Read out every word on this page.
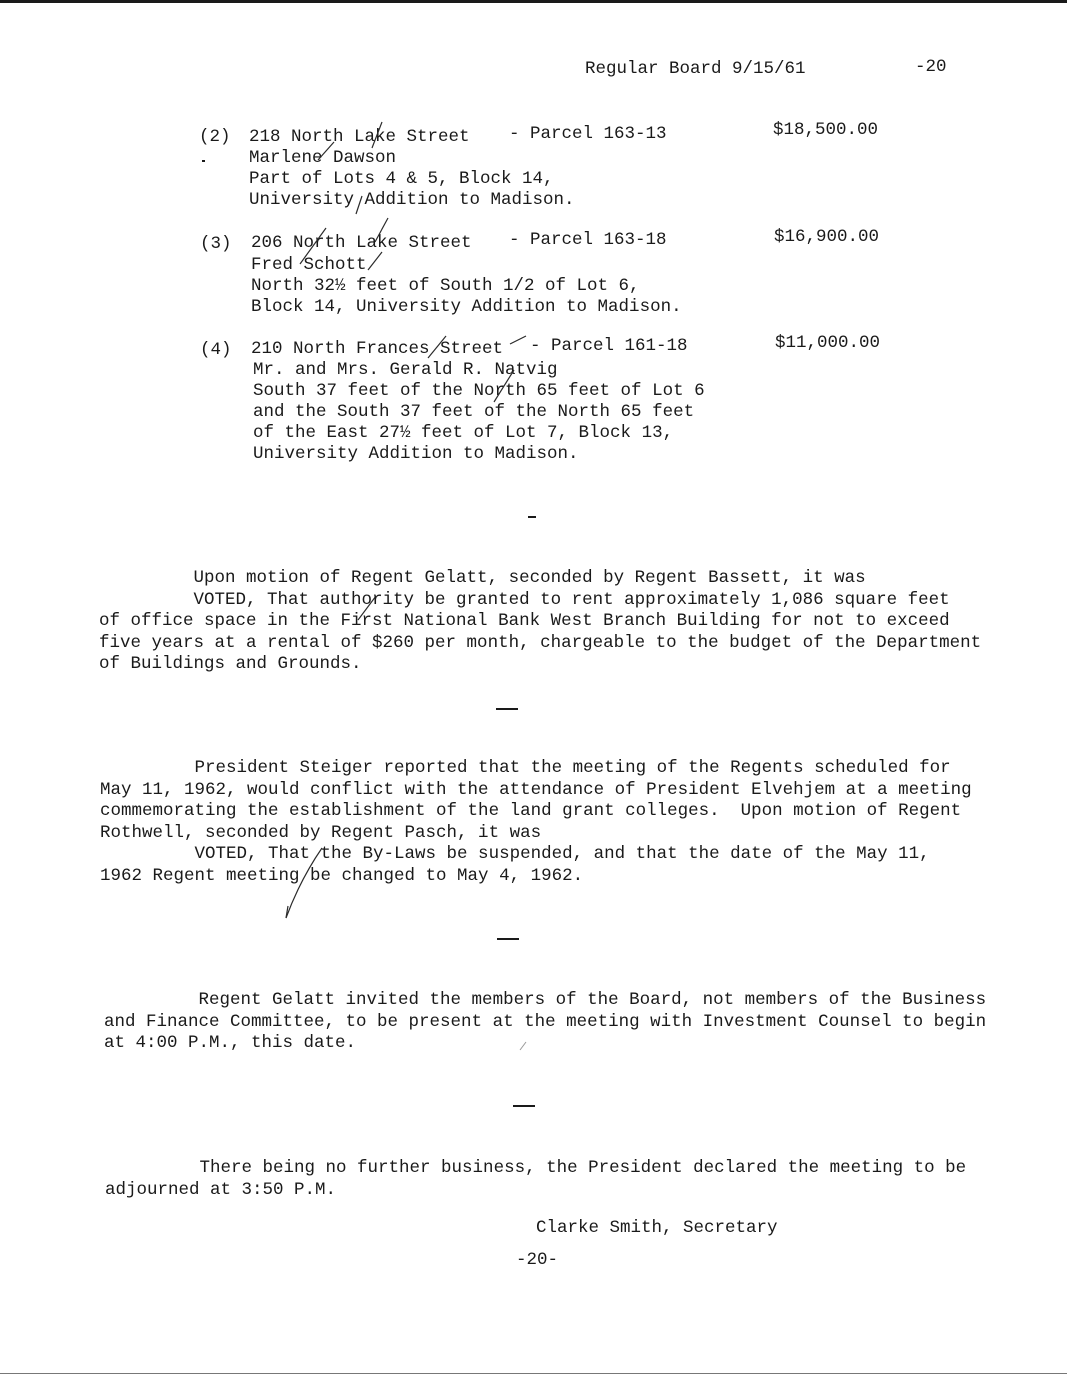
Regular Board 9/15/61	-20
(2) 218 North Lake Street - Parcel 163-13	$18,500.00
Marlene Dawson
Part of Lots 4 & 5, Block 14,
University Addition to Madison.
(3) 206 North Lake Street - Parcel 163-18	$16,900.00
Fred Schott
North 32½ feet of South 1/2 of Lot 6,
Block 14, University Addition to Madison.
(4) 210 North Frances Street - Parcel 161-18	$11,000.00
Mr. and Mrs. Gerald R. Natvig
South 37 feet of the North 65 feet of Lot 6
and the South 37 feet of the North 65 feet
of the East 27½ feet of Lot 7, Block 13,
University Addition to Madison.
Upon motion of Regent Gelatt, seconded by Regent Bassett, it was
VOTED, That authority be granted to rent approximately 1,086 square feet
of office space in the First National Bank West Branch Building for not to exceed
five years at a rental of $260 per month, chargeable to the budget of the Department
of Buildings and Grounds.
President Steiger reported that the meeting of the Regents scheduled for
May 11, 1962, would conflict with the attendance of President Elvehjem at a meeting
commemorating the establishment of the land grant colleges.  Upon motion of Regent
Rothwell, seconded by Regent Pasch, it was
VOTED, That the By-Laws be suspended, and that the date of the May 11,
1962 Regent meeting be changed to May 4, 1962.
Regent Gelatt invited the members of the Board, not members of the Business
and Finance Committee, to be present at the meeting with Investment Counsel to begin
at 4:00 P.M., this date.
There being no further business, the President declared the meeting to be
adjourned at 3:50 P.M.
Clarke Smith, Secretary
-20-
